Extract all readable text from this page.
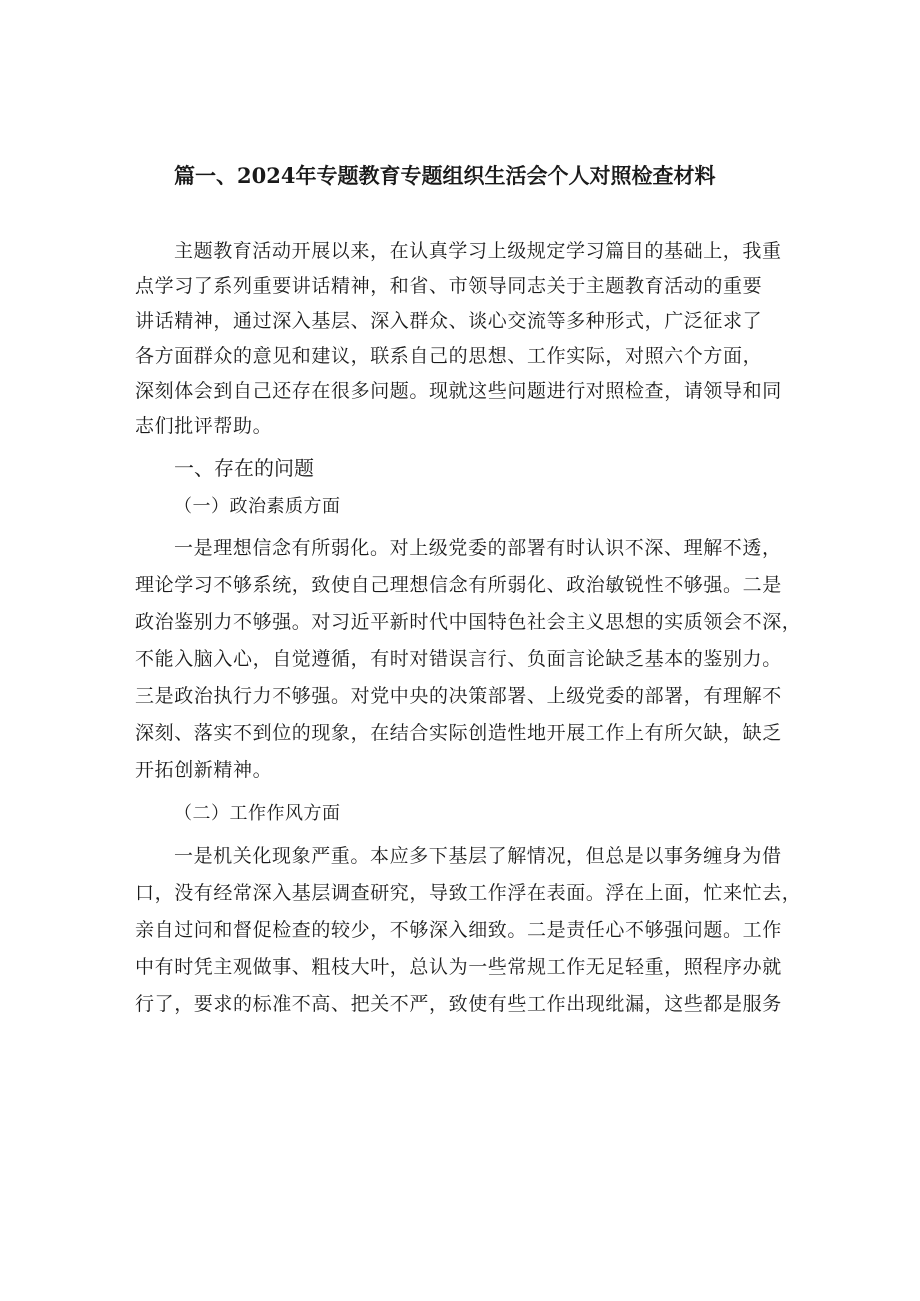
篇一、2024年专题教育专题组织生活会个人对照检查材料
主题教育活动开展以来，在认真学习上级规定学习篇目的基础上，我重
点学习了系列重要讲话精神，和省、市领导同志关于主题教育活动的重要
讲话精神，通过深入基层、深入群众、谈心交流等多种形式，广泛征求了
各方面群众的意见和建议，联系自己的思想、工作实际，对照六个方面，
深刻体会到自己还存在很多问题。现就这些问题进行对照检查，请领导和同
志们批评帮助。
一、存在的问题
（一）政治素质方面
一是理想信念有所弱化。对上级党委的部署有时认识不深、理解不透，
理论学习不够系统，致使自己理想信念有所弱化、政治敏锐性不够强。二是
政治鉴别力不够强。对习近平新时代中国特色社会主义思想的实质领会不深，
不能入脑入心，自觉遵循，有时对错误言行、负面言论缺乏基本的鉴别力。
三是政治执行力不够强。对党中央的决策部署、上级党委的部署，有理解不
深刻、落实不到位的现象，在结合实际创造性地开展工作上有所欠缺，缺乏
开拓创新精神。
（二）工作作风方面
一是机关化现象严重。本应多下基层了解情况，但总是以事务缠身为借
口，没有经常深入基层调查研究，导致工作浮在表面。浮在上面，忙来忙去，
亲自过问和督促检查的较少，不够深入细致。二是责任心不够强问题。工作
中有时凭主观做事、粗枝大叶，总认为一些常规工作无足轻重，照程序办就
行了，要求的标准不高、把关不严，致使有些工作出现纰漏，这些都是服务
